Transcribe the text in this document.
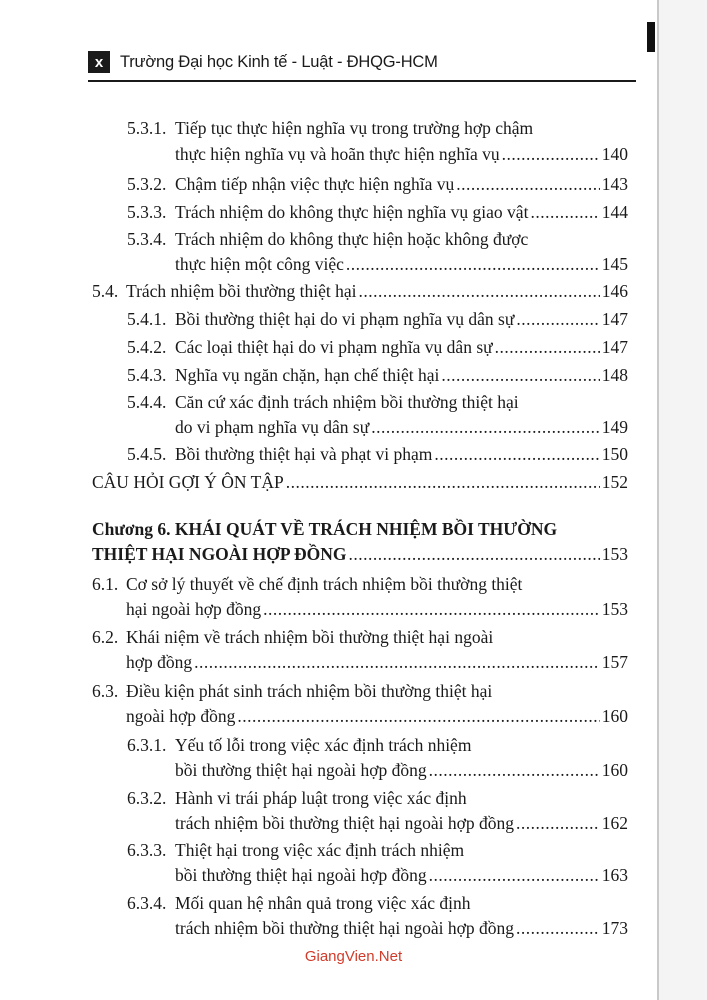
x	Trường Đại học Kinh tế - Luật - ĐHQG-HCM
5.3.1. Tiếp tục thực hiện nghĩa vụ trong trường hợp chậm
thực hiện nghĩa vụ và hoãn thực hiện nghĩa vụ .....	140
5.3.2. Chậm tiếp nhận việc thực hiện nghĩa vụ .....	143
5.3.3. Trách nhiệm do không thực hiện nghĩa vụ giao vật .....	144
5.3.4. Trách nhiệm do không thực hiện hoặc không được
thực hiện một công việc .....	145
5.4. Trách nhiệm bồi thường thiệt hại .....	146
5.4.1. Bồi thường thiệt hại do vi phạm nghĩa vụ dân sự .....	147
5.4.2. Các loại thiệt hại do vi phạm nghĩa vụ dân sự .....	147
5.4.3. Nghĩa vụ ngăn chặn, hạn chế thiệt hại .....	148
5.4.4. Căn cứ xác định trách nhiệm bồi thường thiệt hại
do vi phạm nghĩa vụ dân sự .....	149
5.4.5. Bồi thường thiệt hại và phạt vi phạm .....	150
CÂU HỎI GỢI Ý ÔN TẬP .....	152
Chương 6. KHÁI QUÁT VỀ TRÁCH NHIỆM BỒI THƯỜNG
THIỆT HẠI NGOÀI HỢP ĐỒNG .....	153
6.1. Cơ sở lý thuyết về chế định trách nhiệm bồi thường thiệt
hại ngoài hợp đồng .....	153
6.2. Khái niệm về trách nhiệm bồi thường thiệt hại ngoài
hợp đồng .....	157
6.3. Điều kiện phát sinh trách nhiệm bồi thường thiệt hại
ngoài hợp đồng .....	160
6.3.1. Yếu tố lỗi trong việc xác định trách nhiệm
bồi thường thiệt hại ngoài hợp đồng .....	160
6.3.2. Hành vi trái pháp luật trong việc xác định
trách nhiệm bồi thường thiệt hại ngoài hợp đồng .....	162
6.3.3. Thiệt hại trong việc xác định trách nhiệm
bồi thường thiệt hại ngoài hợp đồng .....	163
6.3.4. Mối quan hệ nhân quả trong việc xác định
trách nhiệm bồi thường thiệt hại ngoài hợp đồng .....	173
GiangVien.Net
